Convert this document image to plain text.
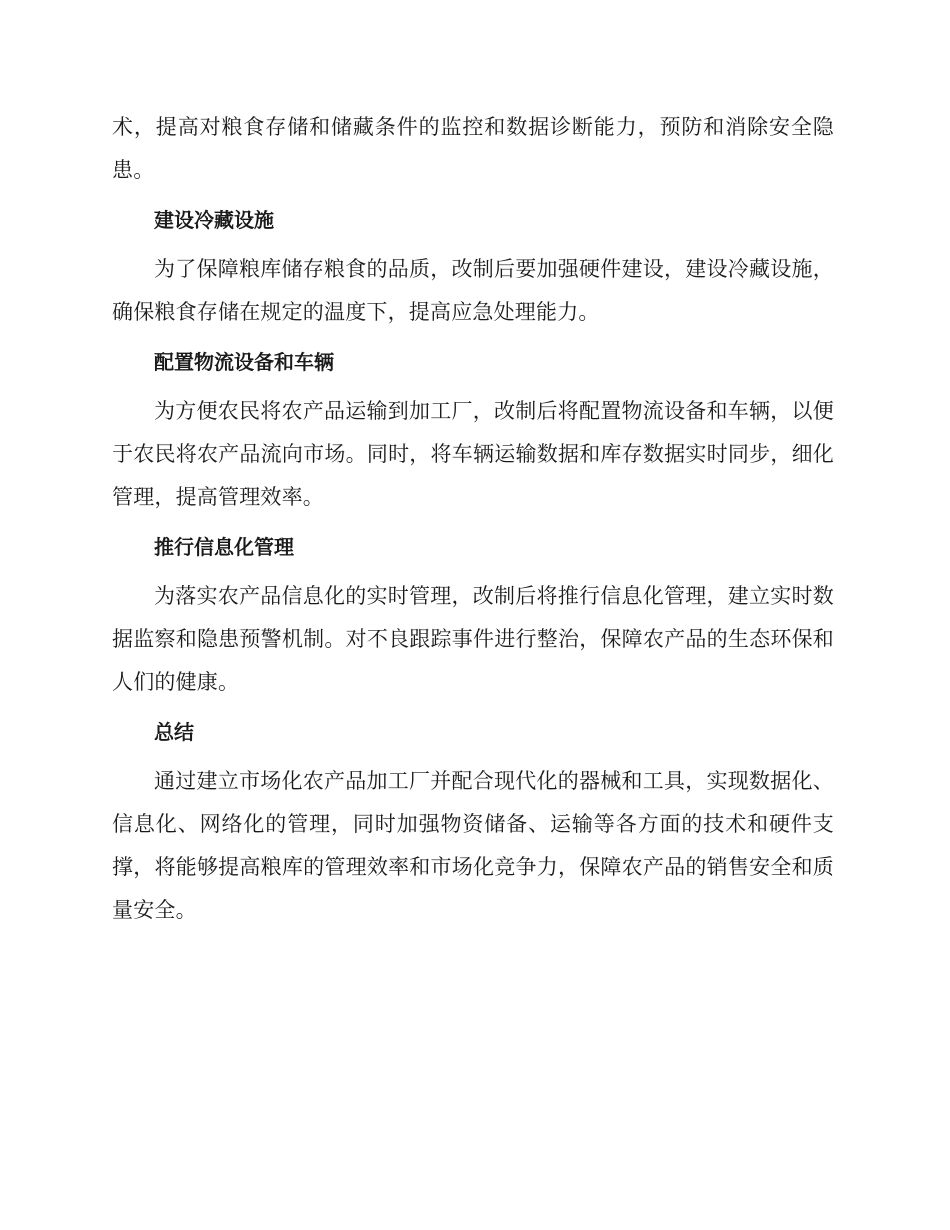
术，提高对粮食存储和储藏条件的监控和数据诊断能力，预防和消除安全隐患。

建设冷藏设施

为了保障粮库储存粮食的品质，改制后要加强硬件建设，建设冷藏设施，确保粮食存储在规定的温度下，提高应急处理能力。

配置物流设备和车辆

为方便农民将农产品运输到加工厂，改制后将配置物流设备和车辆，以便于农民将农产品流向市场。同时，将车辆运输数据和库存数据实时同步，细化管理，提高管理效率。

推行信息化管理

为落实农产品信息化的实时管理，改制后将推行信息化管理，建立实时数据监察和隐患预警机制。对不良跟踪事件进行整治，保障农产品的生态环保和人们的健康。

总结

通过建立市场化农产品加工厂并配合现代化的器械和工具，实现数据化、信息化、网络化的管理，同时加强物资储备、运输等各方面的技术和硬件支撑，将能够提高粮库的管理效率和市场化竞争力，保障农产品的销售安全和质量安全。
